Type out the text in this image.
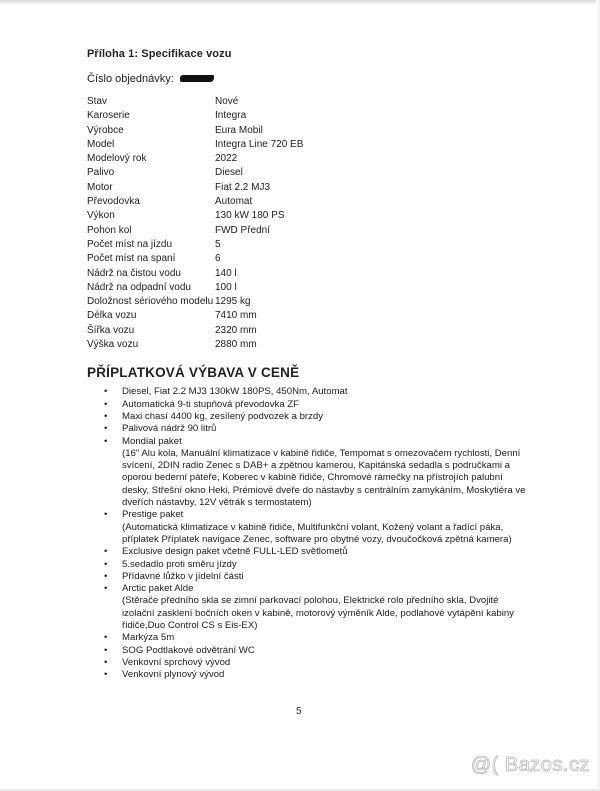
Příloha 1: Specifikace vozu
Číslo objednávky:
Stav	Nové
Karoserie	Integra
Výrobce	Eura Mobil
Model	Integra Line 720 EB
Modelový rok	2022
Palivo	Diesel
Motor	Fiat 2.2 MJ3
Převodovka	Automat
Výkon	130 kW 180 PS
Pohon kol	FWD Přední
Počet míst na jízdu	5
Počet míst na spaní	6
Nádrž na čistou vodu	140 l
Nádrž na odpadní vodu	100 l
Doložnost sériového modelu	1295 kg
Délka vozu	7410 mm
Šířka vozu	2320 mm
Výška vozu	2880 mm
PŘÍPLATKOVÁ VÝBAVA V CENĚ
• Diesel, Fiat 2.2 MJ3 130kW 180PS, 450Nm, Automat
• Automatická 9-ti stupňová převodovka ZF
• Maxi chasí 4400 kg, zesílený podvozek a brzdy
• Palivová nádrž 90 litrů
• Mondial paket
(16" Alu kola, Manuální klimatizace v kabině řidiče, Tempomat s omezovačem rychlosti, Denní svícení, 2DIN radio Zenec s DAB+ a zpětnou kamerou, Kapitánská sedadla s područkami a oporou bederní páteře, Koberec v kabině řidiče, Chromové rámečky na přístrojích palubní desky, Střešní okno Heki, Prémiové dveře do nástavby s centrálním zamykáním, Moskytiéra ve dveřích nástavby, 12V větrák s termostatem)
• Prestige paket
(Automatická klimatizace v kabině řidiče, Multifunkční volant, Kožený volant a řadící páka, příplatek Příplatek navigace Zenec, software pro obytné vozy, dvoučočková zpětná kamera)
• Exclusive design paket včetně FULL-LED světlometů
• 5.sedadlo proti směru jízdy
• Přídavné lůžko v jídelní části
• Arctic paket Alde
(Stěrače předního skla se zimní parkovací polohou, Elektrické rolo předního skla, Dvojité izolační zasklení bočních oken v kabině, motorový výměník Alde, podlahové vytápění kabiny řidiče,Duo Control CS s Eis-EX)
• Markýza 5m
• SOG Podtlakové odvětrání WC
• Venkovní sprchový vývod
• Venkovní plynový vývod
5
@( Bazos.cz
